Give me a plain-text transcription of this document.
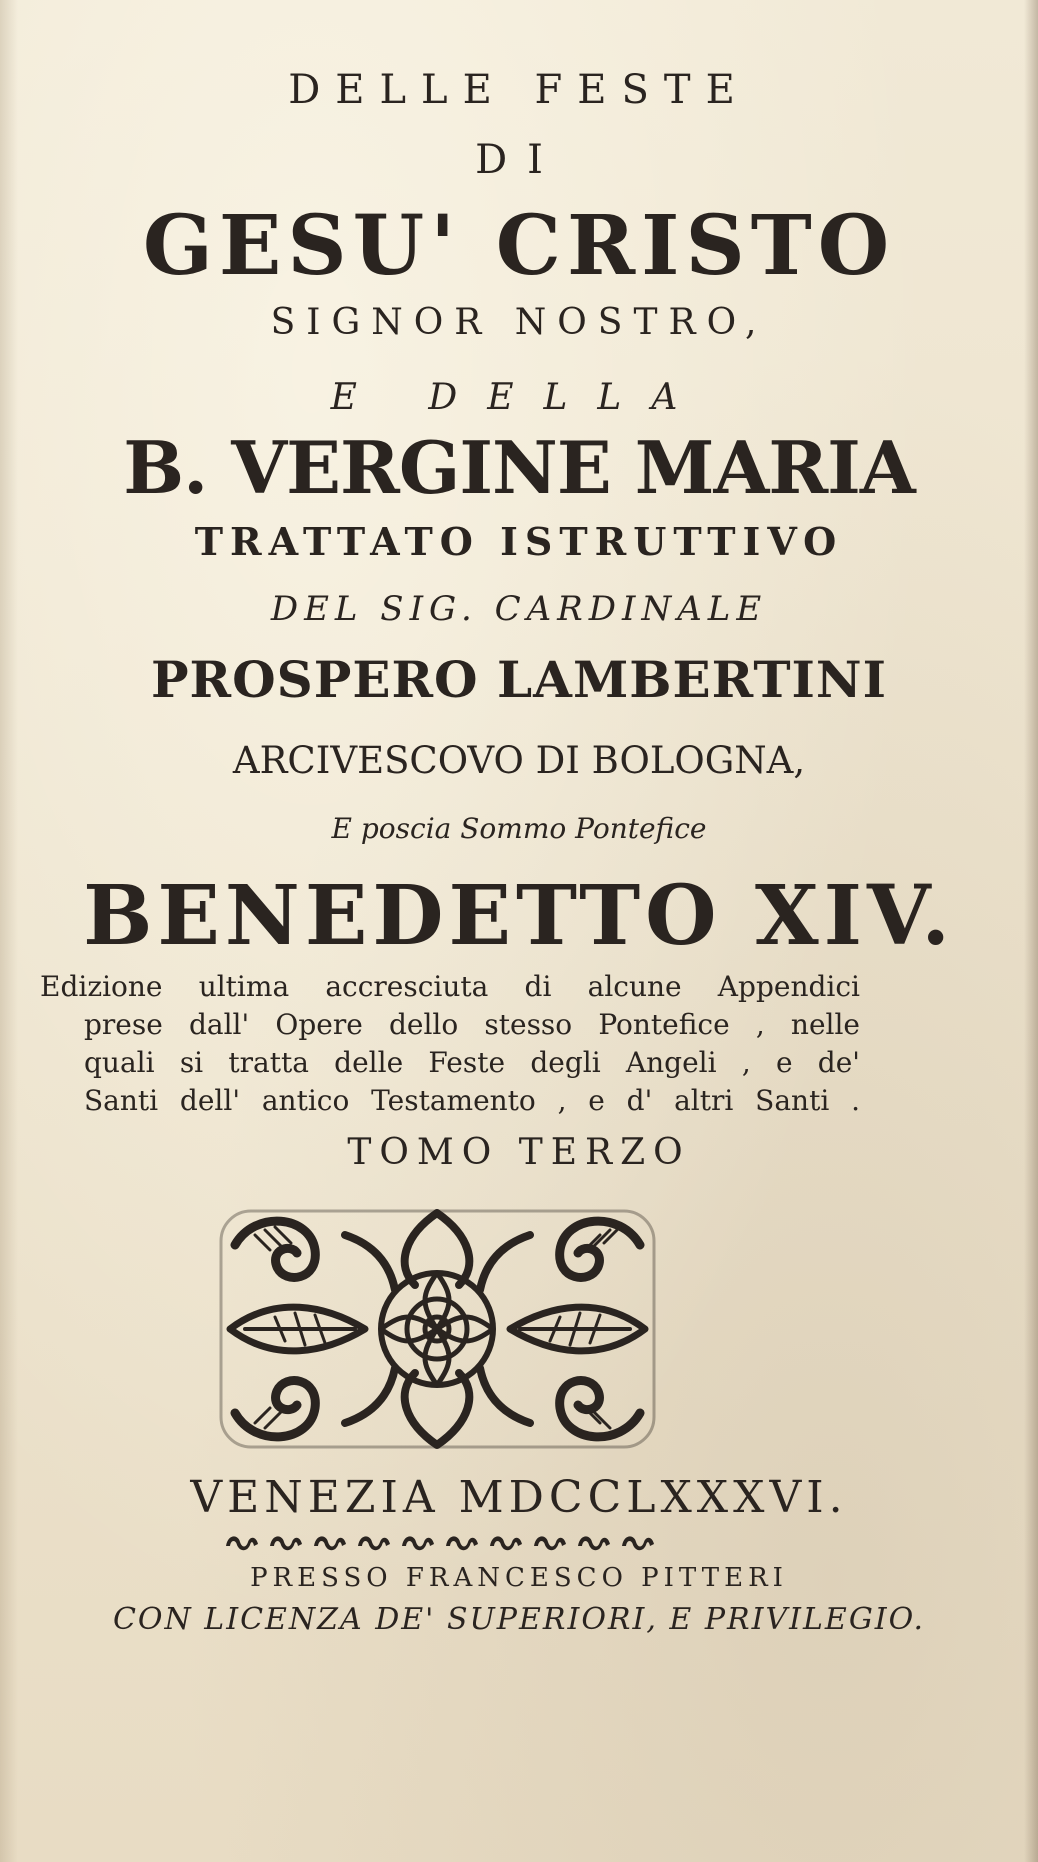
DELLE FESTE

DI

GESU' CRISTO

SIGNOR NOSTRO,

E DELLA

B. VERGINE MARIA

TRATTATO ISTRUTTIVO

DEL SIG. CARDINALE

PROSPERO LAMBERTINI

ARCIVESCOVO DI BOLOGNA,

E poscia Sommo Pontefice

BENEDETTO XIV.

Edizione ultima accresciuta di alcune Appendici
prese dall' Opere dello stesso Pontefice , nelle
quali si tratta delle Feste degli Angeli , e de'
Santi dell' antico Testamento , e d' altri Santi .

TOMO TERZO

VENEZIA MDCCLXXXVI.

PRESSO FRANCESCO PITTERI

CON LICENZA DE' SUPERIORI, E PRIVILEGIO.
